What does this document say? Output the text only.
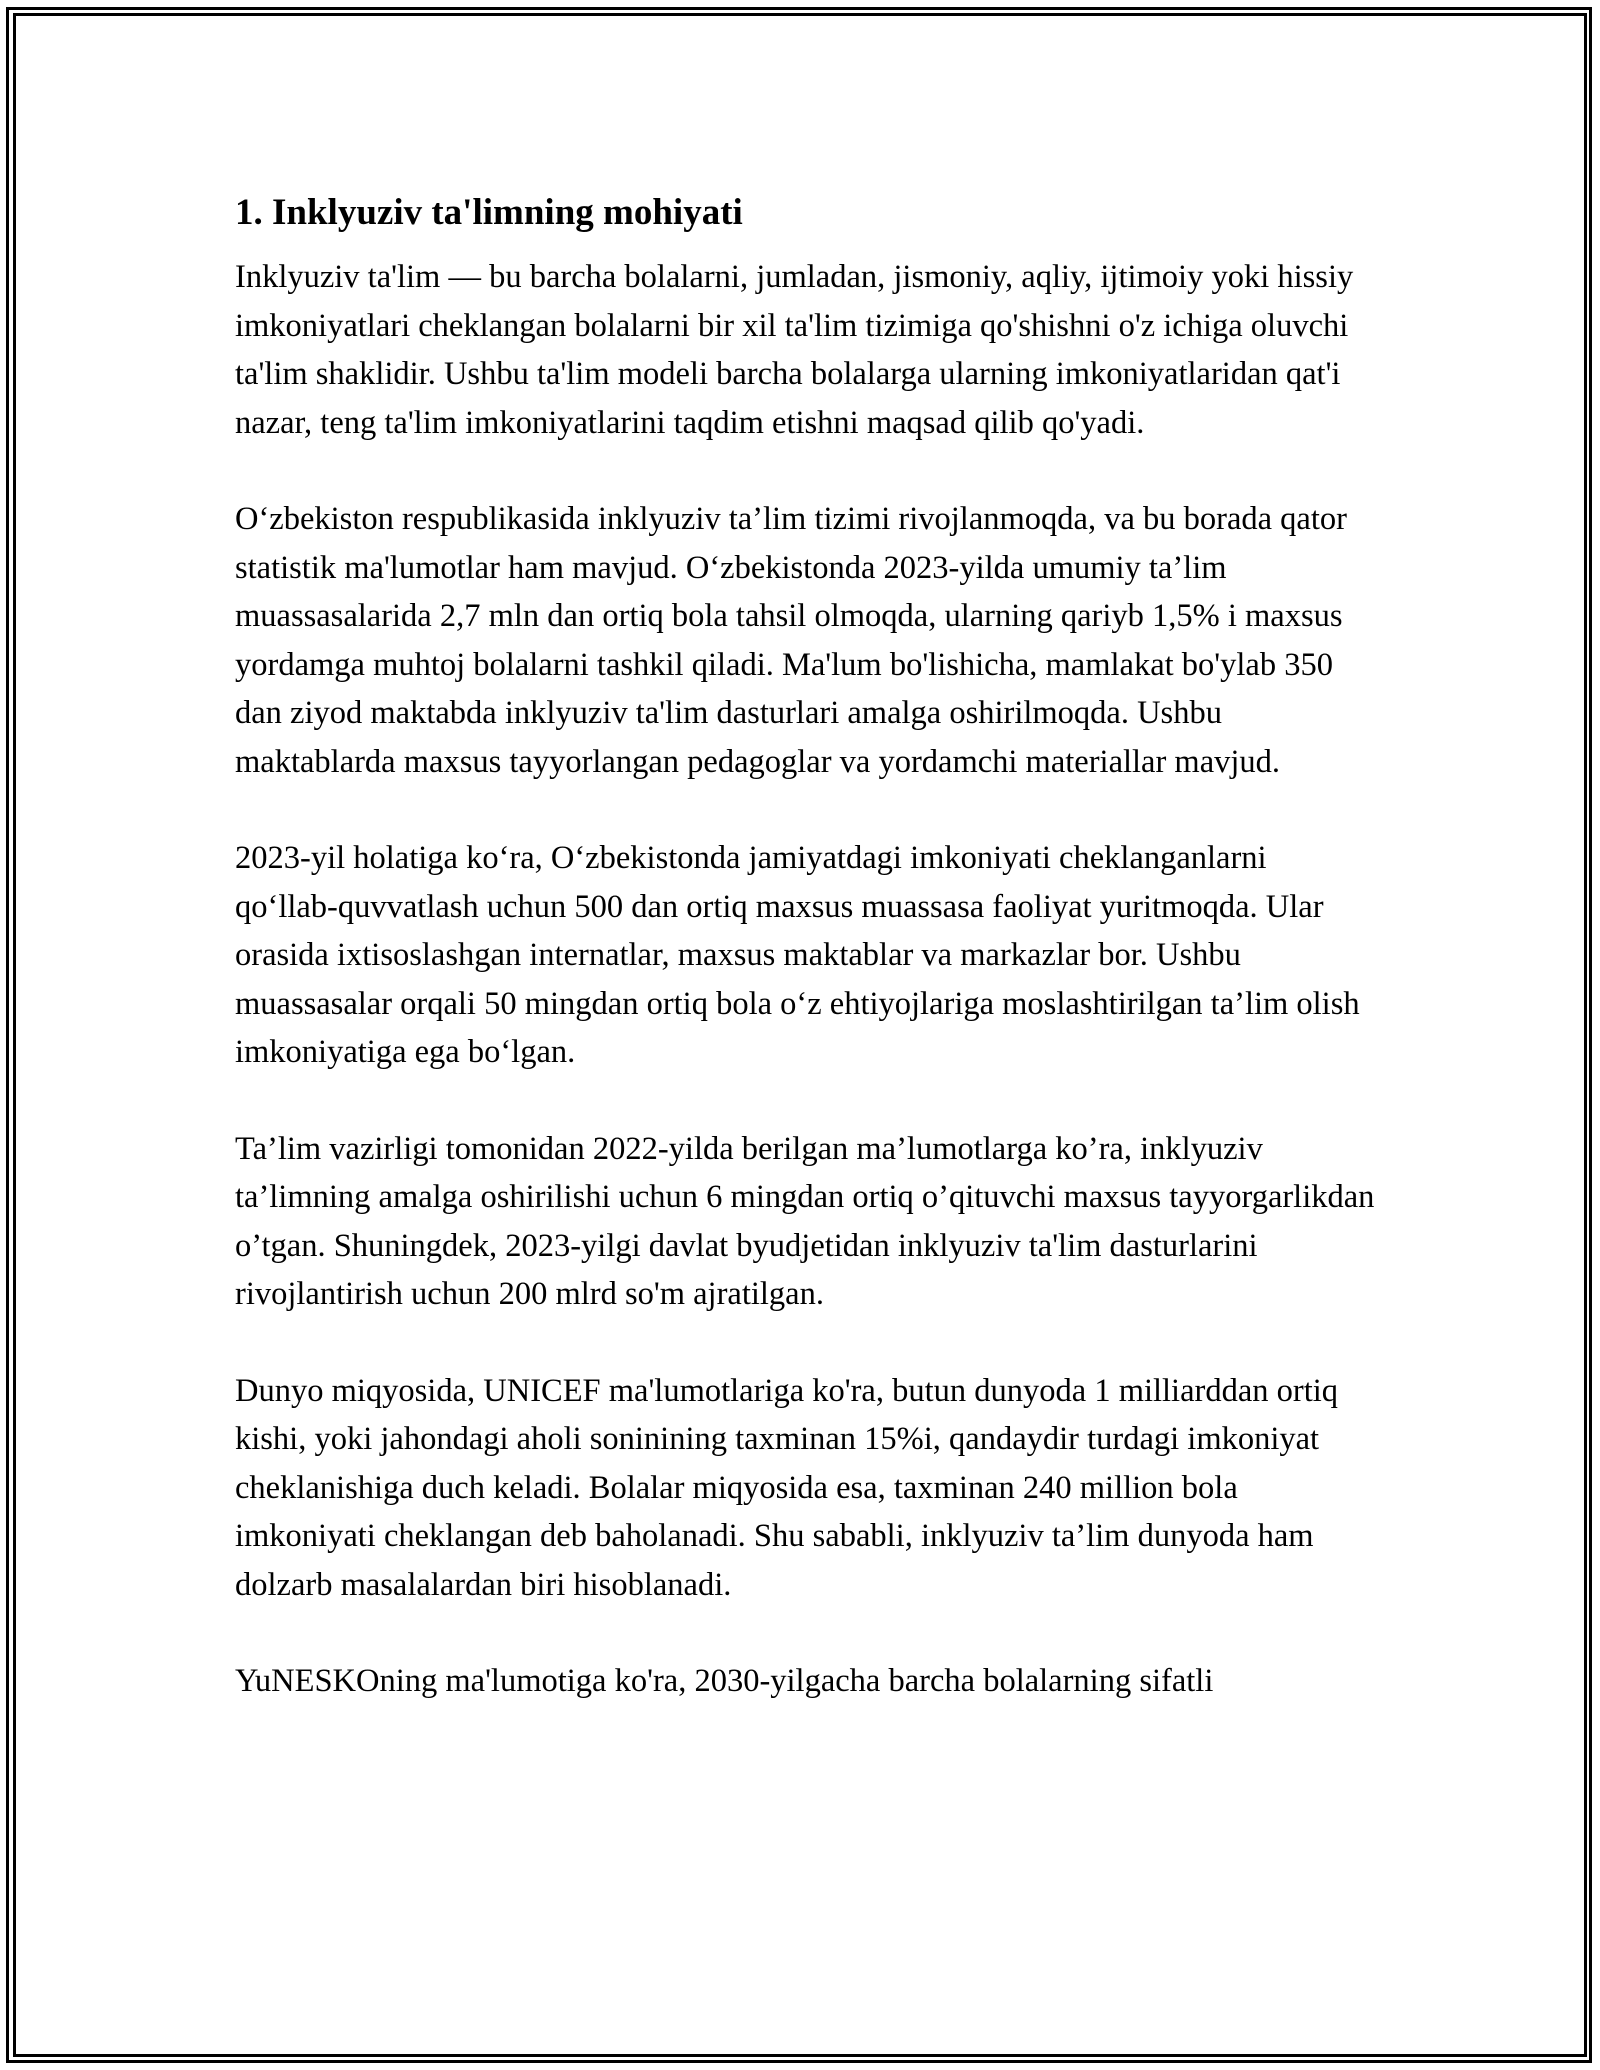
1. Inklyuziv ta'limning mohiyati

Inklyuziv ta'lim — bu barcha bolalarni, jumladan, jismoniy, aqliy, ijtimoiy yoki hissiy imkoniyatlari cheklangan bolalarni bir xil ta'lim tizimiga qo'shishni o'z ichiga oluvchi ta'lim shaklidir. Ushbu ta'lim modeli barcha bolalarga ularning imkoniyatlaridan qat'i nazar, teng ta'lim imkoniyatlarini taqdim etishni maqsad qilib qo'yadi.

O‘zbekiston respublikasida inklyuziv ta’lim tizimi rivojlanmoqda, va bu borada qator statistik ma'lumotlar ham mavjud. O‘zbekistonda 2023-yilda umumiy ta’lim muassasalarida 2,7 mln dan ortiq bola tahsil olmoqda, ularning qariyb 1,5% i maxsus yordamga muhtoj bolalarni tashkil qiladi. Ma'lum bo'lishicha, mamlakat bo'ylab 350 dan ziyod maktabda inklyuziv ta'lim dasturlari amalga oshirilmoqda. Ushbu maktablarda maxsus tayyorlangan pedagoglar va yordamchi materiallar mavjud.

2023-yil holatiga ko‘ra, O‘zbekistonda jamiyatdagi imkoniyati cheklanganlarni qo‘llab-quvvatlash uchun 500 dan ortiq maxsus muassasa faoliyat yuritmoqda. Ular orasida ixtisoslashgan internatlar, maxsus maktablar va markazlar bor. Ushbu muassasalar orqali 50 mingdan ortiq bola o‘z ehtiyojlariga moslashtirilgan ta’lim olish imkoniyatiga ega bo‘lgan.

Ta’lim vazirligi tomonidan 2022-yilda berilgan ma’lumotlarga ko’ra, inklyuziv ta’limning amalga oshirilishi uchun 6 mingdan ortiq o’qituvchi maxsus tayyorgarlikdan o’tgan. Shuningdek, 2023-yilgi davlat byudjetidan inklyuziv ta'lim dasturlarini rivojlantirish uchun 200 mlrd so'm ajratilgan.

Dunyo miqyosida, UNICEF ma'lumotlariga ko'ra, butun dunyoda 1 milliarddan ortiq kishi, yoki jahondagi aholi soninining taxminan 15%i, qandaydir turdagi imkoniyat cheklanishiga duch keladi. Bolalar miqyosida esa, taxminan 240 million bola imkoniyati cheklangan deb baholanadi. Shu sababli, inklyuziv ta’lim dunyoda ham dolzarb masalalardan biri hisoblanadi.

YuNESKOning ma'lumotiga ko'ra, 2030-yilgacha barcha bolalarning sifatli
